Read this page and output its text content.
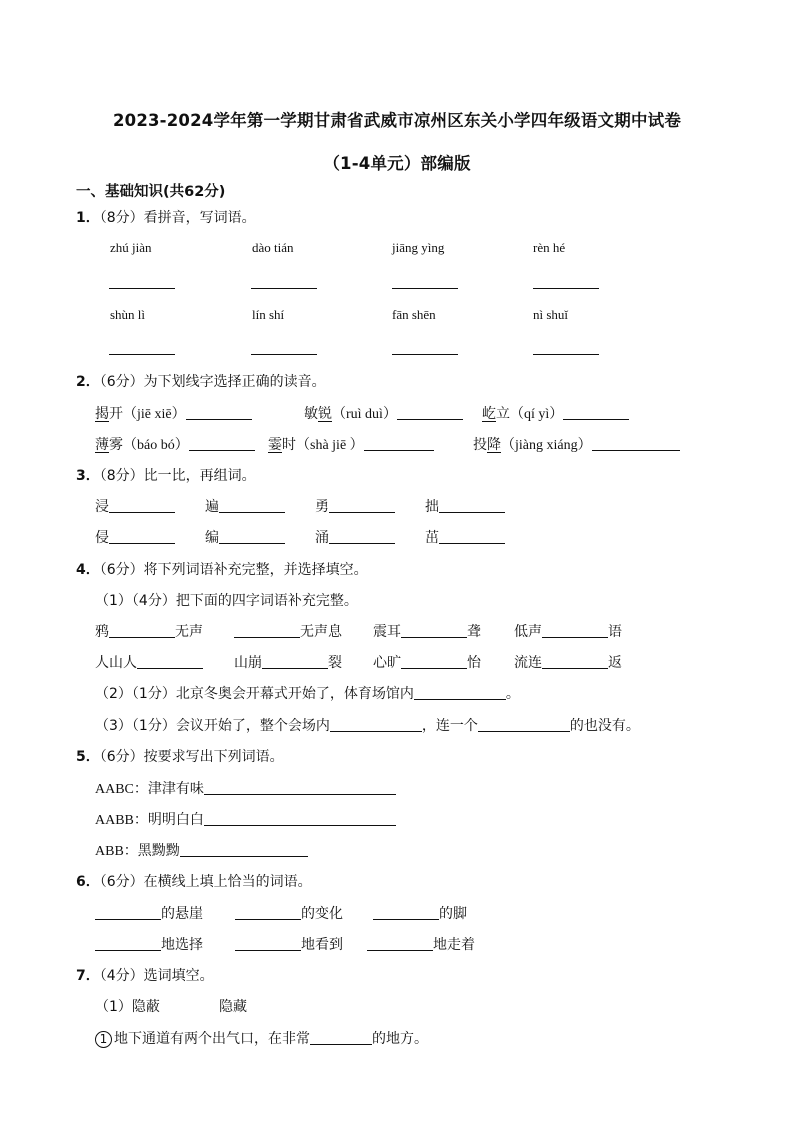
2023-2024学年第一学期甘肃省武威市凉州区东关小学四年级语文期中试卷
（1-4单元）部编版
一、基础知识(共62分)
1．（8分）看拼音，写词语。
zhú jiàn	dào tián	jiāng yìng	rèn hé
shùn lì	lín shí	fān shēn	nì shuǐ
2．（6分）为下划线字选择正确的读音。
揭开（jiē xiē）	敏锐（ruì duì）	屹立（qí yì）
薄雾（báo bó）	霎时（shà jiē ）	投降（jiàng xiáng）
3．（8分）比一比，再组词。
浸	遍	勇	拙
侵	编	涌	茁
4．（6分）将下列词语补充完整，并选择填空。
（1）（4分）把下面的四字词语补充完整。
鸦	无声	无声息 震耳	聋 低声	语
人山人	山崩	裂 心旷	怡 流连	返
（2）（1分）北京冬奥会开幕式开始了，体育场馆内	。
（3）（1分）会议开始了，整个会场内	，连一个	的也没有。
5．（6分）按要求写出下列词语。
AABC：津津有味
AABB：明明白白
ABB：黑黝黝
6．（6分）在横线上填上恰当的词语。
的悬崖	的变化	的脚
地选择	地看到	地走着
7．（4分）选词填空。
（1）隐蔽	隐藏
1 地下通道有两个出气口，在非常	的地方。
